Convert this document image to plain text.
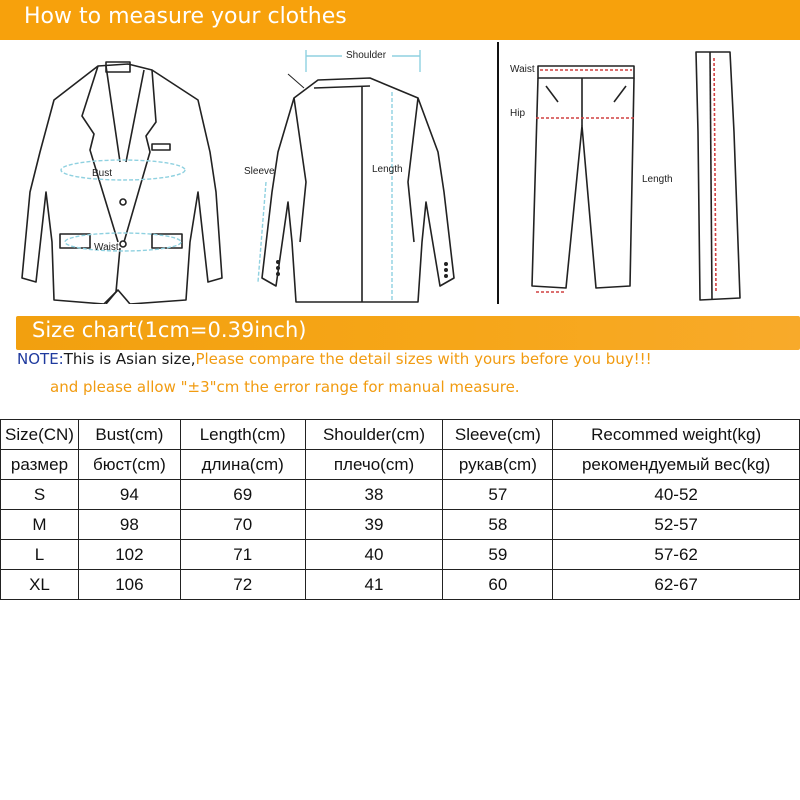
How to measure your clothes
Bust
Waist
Shoulder
Sleeve	Length
Waist
Hip
Length
Size chart(1cm=0.39inch)
NOTE:This is Asian size,Please compare the detail sizes with yours before you buy!!!
and please allow "±3"cm the error range for manual measure.
Size(CN)	Bust(cm)	Length(cm)	Shoulder(cm)	Sleeve(cm)	Recommed weight(kg)
размер	бюст(cm)	длина(cm)	плечо(cm)	рукав(cm)	рекомендуемый вес(kg)
S	94	69	38	57	40-52
M	98	70	39	58	52-57
L	102	71	40	59	57-62
XL	106	72	41	60	62-67
